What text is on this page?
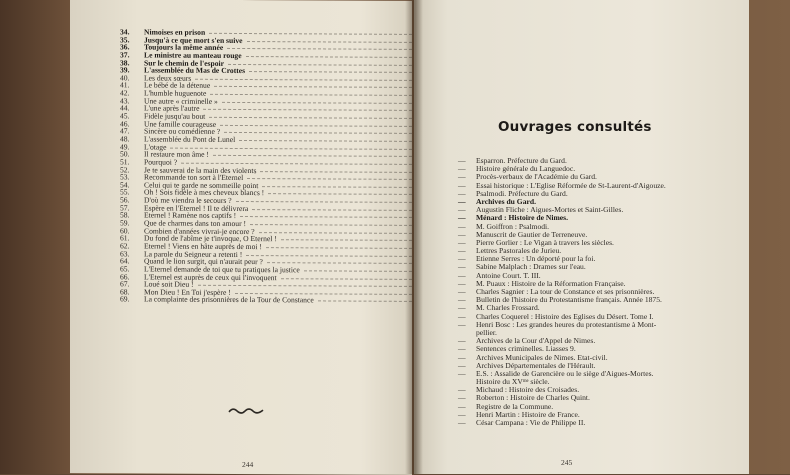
34.	Nimoises en prison
35.	Jusqu'à ce que mort s'en suive
36.	Toujours la même année
37.	Le ministre au manteau rouge
38.	Sur le chemin de l'espoir
39.	L'assemblée du Mas de Crottes
40.	Les deux sœurs
41.	Le bébé de la détenue
42.	L'humble huguenote
43.	Une autre « criminelle »
44.	L'une après l'autre
45.	Fidèle jusqu'au bout
46.	Une famille courageuse
47.	Sincère ou comédienne ?
48.	L'assemblée du Pont de Lunel
49.	L'otage
50.	Il restaure mon âme !
51.	Pourquoi ?
52.	Je te sauverai de la main des violents
53.	Recommande ton sort à l'Eternel
54.	Celui qui te garde ne sommeille point
55.	Oh ! Sois fidèle à mes cheveux blancs !
56.	D'où me viendra le secours ?
57.	Espère en l'Eternel ! Il te délivrera
58.	Eternel ! Ramène nos captifs !
59.	Que de charmes dans ton amour !
60.	Combien d'années vivrai-je encore ?
61.	Du fond de l'abîme je t'invoque, O Eternel !
62.	Eternel ! Viens en hâte auprès de moi !
63.	La parole du Seigneur a retenti !
64.	Quand le lion surgit, qui n'aurait peur ?
65.	L'Eternel demande de toi que tu pratiques la justice
66.	L'Eternel est auprès de ceux qui l'invoquent
67.	Loué soit Dieu !
68.	Mon Dieu ! En Toi j'espère !
69.	La complainte des prisonnières de la Tour de Constance
244
Ouvrages consultés
— Esparron. Préfecture du Gard.
— Histoire générale du Languedoc.
— Procès-verbaux de l'Académie du Gard.
— Essai historique : L'Eglise Réformée de St-Laurent-d'Aigouze.
— Psalmodi. Préfecture du Gard.
— Archives du Gard.
— Augustin Fliche : Aigues-Mortes et Saint-Gilles.
— Ménard : Histoire de Nimes.
— M. Goiffron : Psalmodi.
— Manuscrit de Gautier de Terreneuve.
— Pierre Gorlier : Le Vigan à travers les siècles.
— Lettres Pastorales de Jurieu.
— Etienne Serres : Un déporté pour la foi.
— Sabine Malplach : Drames sur l'eau.
— Antoine Court. T. III.
— M. Puaux : Histoire de la Réformation Française.
— Charles Sagnier : La tour de Constance et ses prisonnières.
— Bulletin de l'histoire du Protestantisme français. Année 1875.
— M. Charles Frossard.
— Charles Coquerel : Histoire des Eglises du Désert. Tome I.
— Henri Bosc : Les grandes heures du protestantisme à Mont-
pellier.
— Archives de la Cour d'Appel de Nimes.
— Sentences criminelles. Liasses 9.
— Archives Municipales de Nimes. Etat-civil.
— Archives Départementales de l'Hérault.
— E.S. : Assalide de Garencière ou le siège d'Aigues-Mortes.
Histoire du XVᵐᵉ siècle.
— Michaud : Histoire des Croisades.
— Roberton : Histoire de Charles Quint.
— Registre de la Commune.
— Henri Martin : Histoire de France.
— César Campana : Vie de Philippe II.
245
